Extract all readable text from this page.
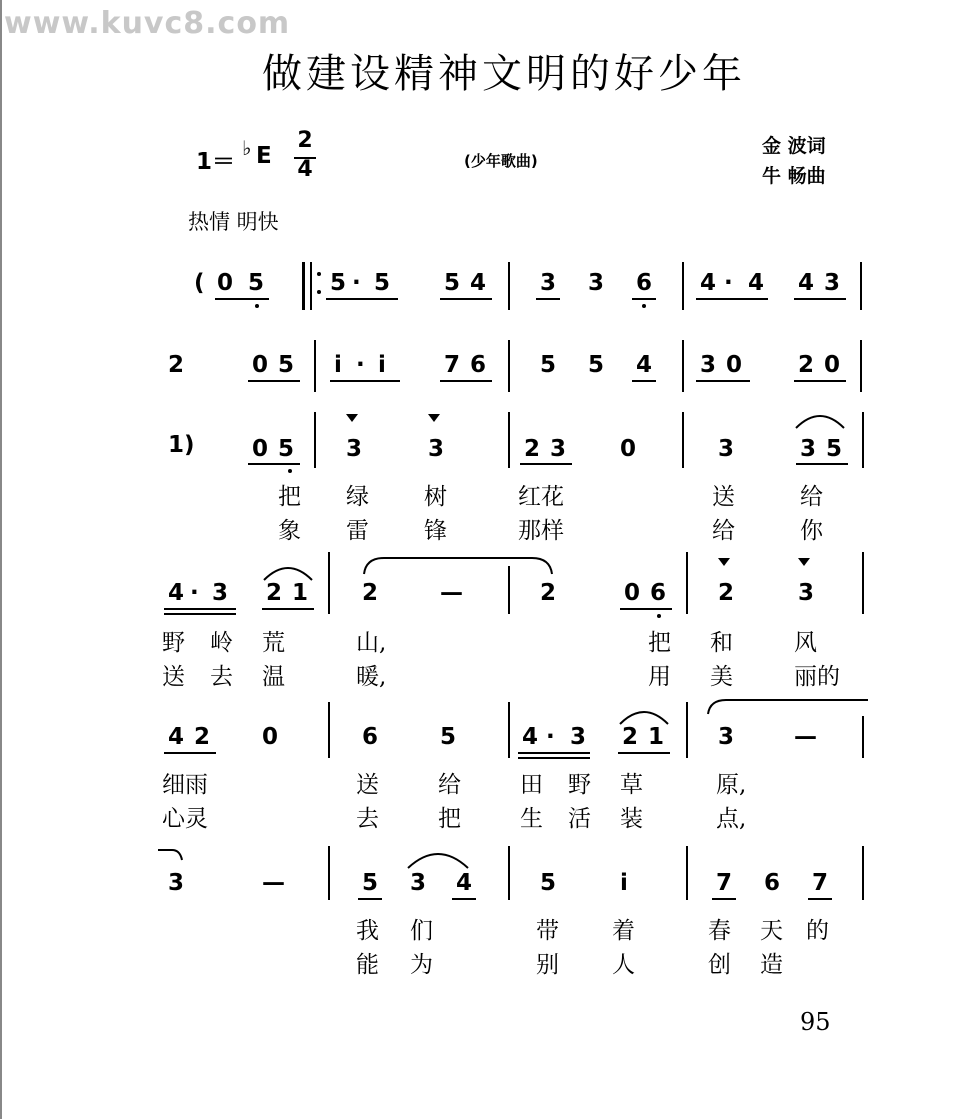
www.kuvc8.com
做建设精神文明的好少年
1＝
♭ E
2
4	(少年歌曲)
金 波词
牛 畅曲
热情 明快
( 0 5	5 · 5 5 4 3 3 6 4 · 4 4 3
2	0 5 i · i	7 6 5 5 4 3 0 2 0
1) 0 5 3	3	2 3 0	3	3 5
把 绿 树	红花	送	给
象 雷 锋	那样	给	你
4 · 3 2 1 2	—	2	0 6 2	3
野 岭 荒	山,	把 和	风
送 去 温	暖,	用 美	丽的
4 2 0	6	5	4 · 3 2 1 3	—
细雨	送	给	田 野 草	原,
心灵	去	把	生 活 装	点,
3	—	5 3 4	5	i	7 6 7
我 们	带 着	春 天 的
能 为	别 人	创 造
95
